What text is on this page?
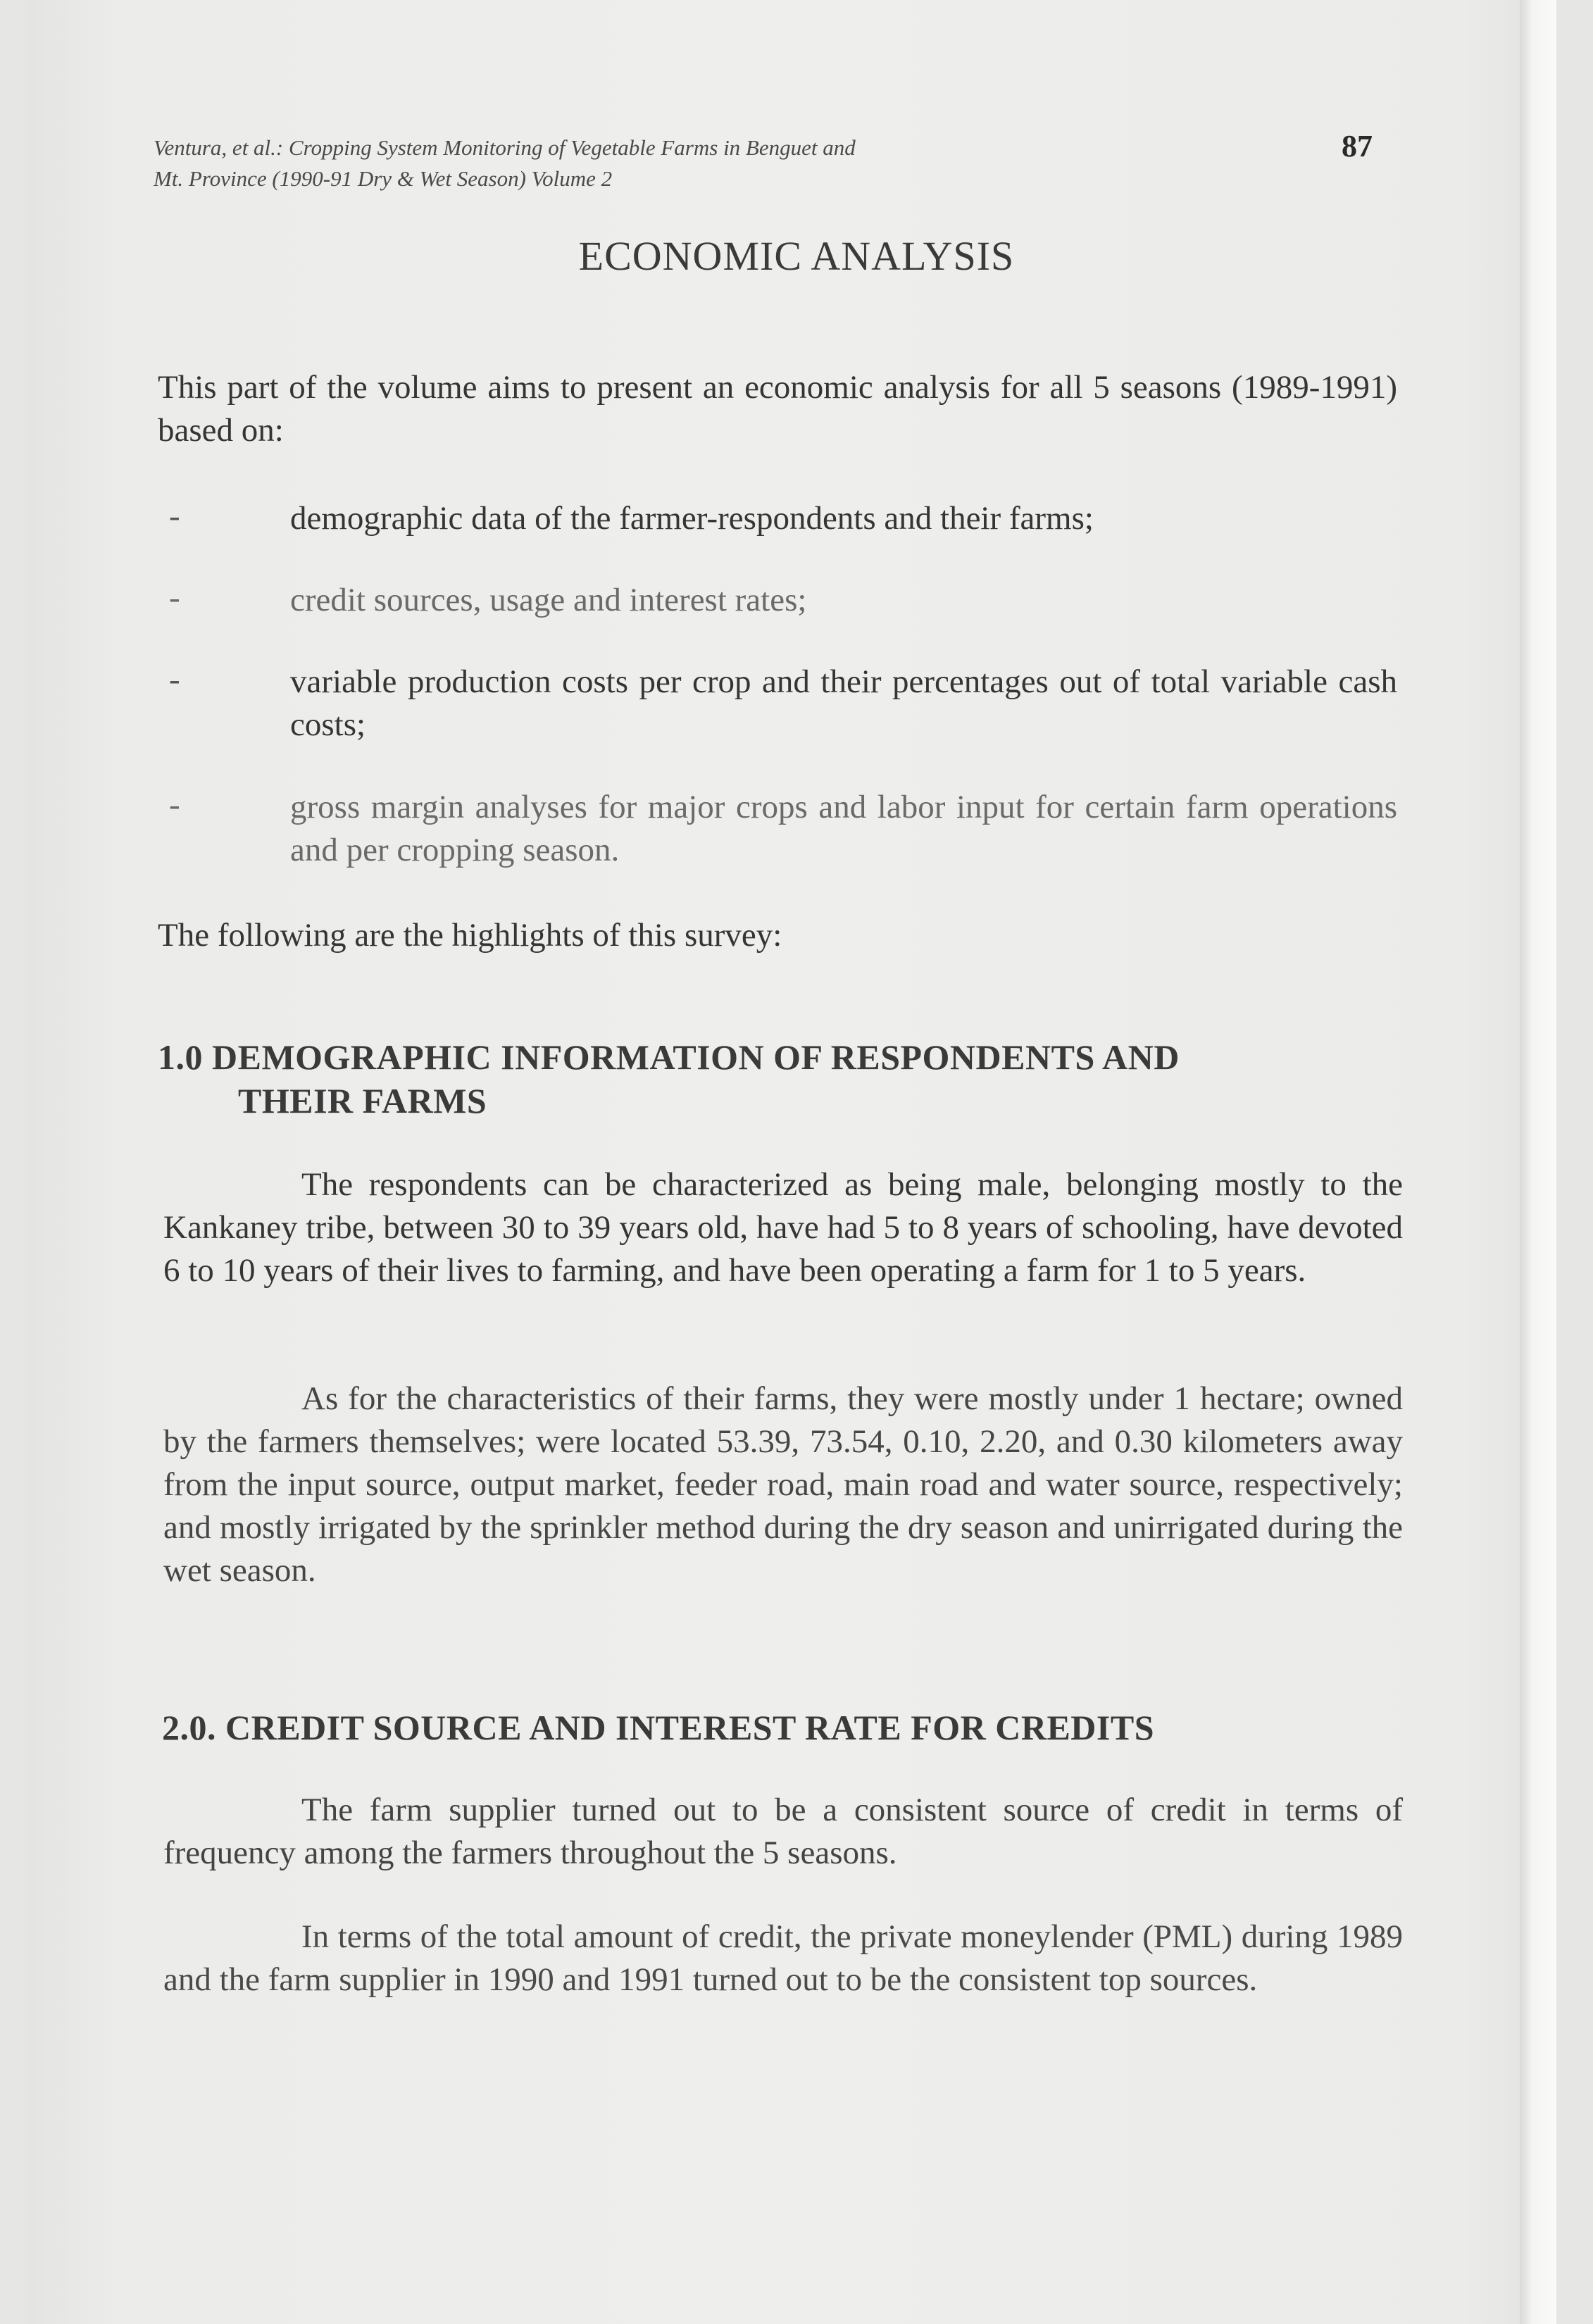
Ventura, et al.: Cropping System Monitoring of Vegetable Farms in Benguet and
Mt. Province (1990-91 Dry & Wet Season) Volume 2
87
ECONOMIC ANALYSIS
This part of the volume aims to present an economic analysis for all 5 seasons (1989-1991) based on:
-	demographic data of the farmer-respondents and their farms;
-	credit sources, usage and interest rates;
-	variable production costs per crop and their percentages out of total variable cash costs;
-	gross margin analyses for major crops and labor input for certain farm operations and per cropping season.
The following are the highlights of this survey:
1.0 DEMOGRAPHIC INFORMATION OF RESPONDENTS AND
THEIR FARMS
The respondents can be characterized as being male, belonging mostly to the Kankaney tribe, between 30 to 39 years old, have had 5 to 8 years of schooling, have devoted 6 to 10 years of their lives to farming, and have been operating a farm for 1 to 5 years.
As for the characteristics of their farms, they were mostly under 1 hectare; owned by the farmers themselves; were located 53.39, 73.54, 0.10, 2.20, and 0.30 kilometers away from the input source, output market, feeder road, main road and water source, respectively; and mostly irrigated by the sprinkler method during the dry season and unirrigated during the wet season.
2.0. CREDIT SOURCE AND INTEREST RATE FOR CREDITS
The farm supplier turned out to be a consistent source of credit in terms of frequency among the farmers throughout the 5 seasons.
In terms of the total amount of credit, the private moneylender (PML) during 1989 and the farm supplier in 1990 and 1991 turned out to be the consistent top sources.
